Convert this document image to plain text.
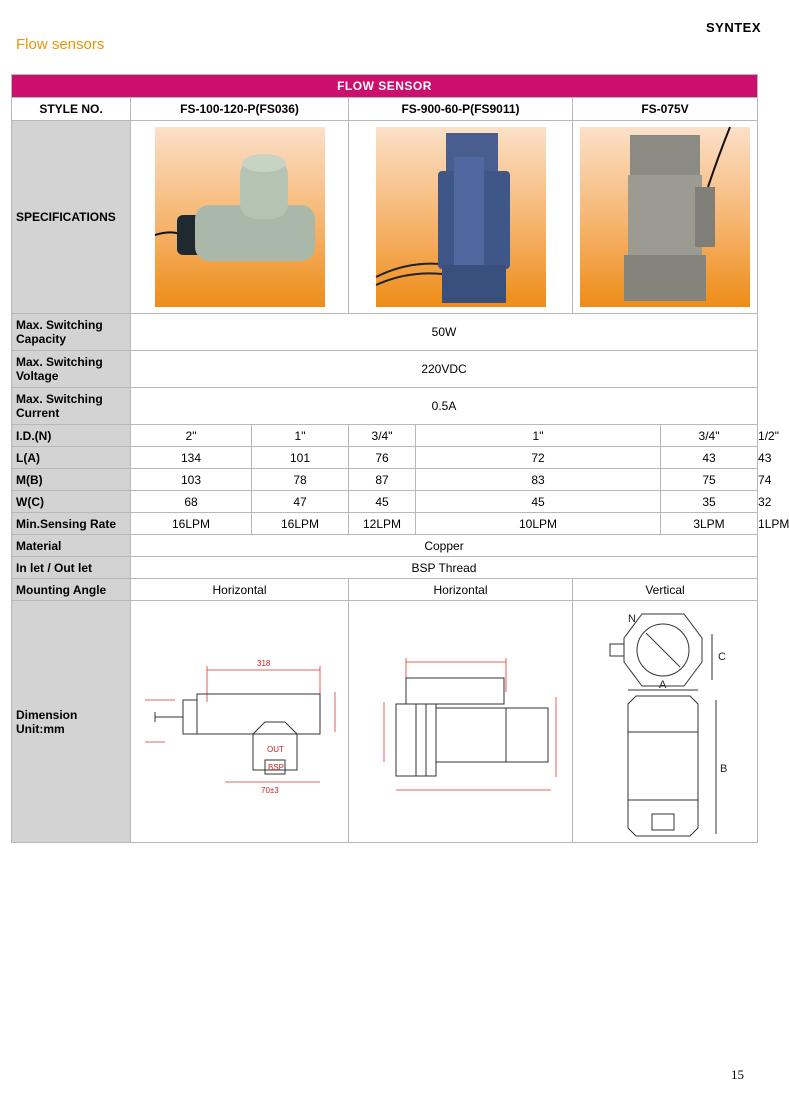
SYNTEX
Flow sensors
FLOW SENSOR							
STYLE NO.	FS-100-120-P(FS036)		FS-900-60-P(FS9011)		FS-075V		
SPECIFICATIONS	

Max. Switching Capacity	50W						
Max. Switching Voltage	220VDC						
Max. Switching Current	0.5A						
I.D.(N)	2"	1"	3/4"	1"		3/4"	1/2"
L(A)	134	101	76	72		43	43
M(B)	103	78	87	83		75	74
W(C)	68	47	45	45		35	32
Min.Sensing Rate	16LPM	16LPM	12LPM	10LPM		3LPM	1LPM
Material	Copper						
In let / Out let	BSP Thread						
Mounting Angle	Horizontal		Horizontal		Vertical		
Dimension
Unit:mm	318
BSP
70±3
OUT				N
A
B
C		
15
